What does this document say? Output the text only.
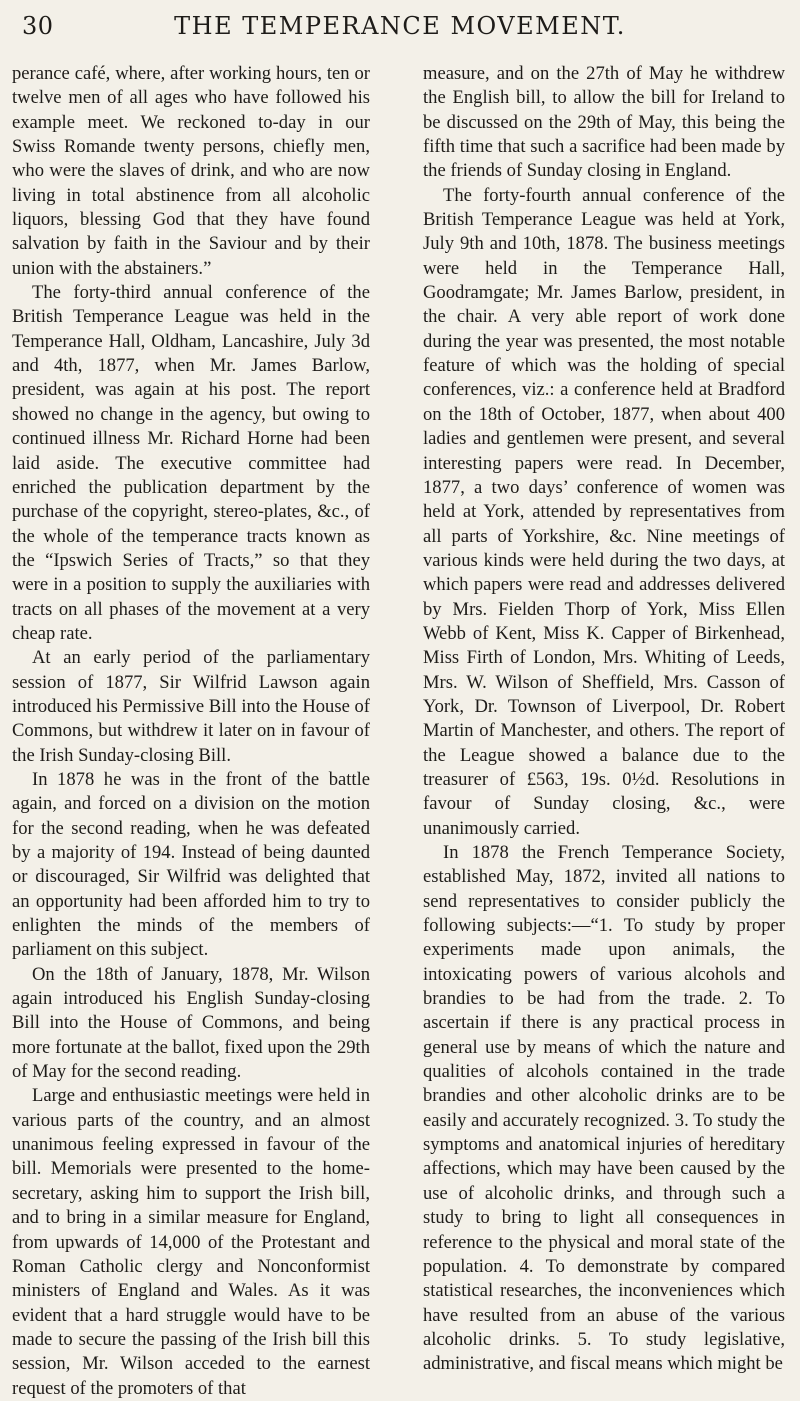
30	THE TEMPERANCE MOVEMENT.

perance café, where, after working hours, ten or twelve men of all ages who have followed his example meet. We reckoned to-day in our Swiss Romande twenty persons, chiefly men, who were the slaves of drink, and who are now living in total abstinence from all alcoholic liquors, blessing God that they have found salvation by faith in the Saviour and by their union with the abstainers.”

The forty-third annual conference of the British Temperance League was held in the Temperance Hall, Oldham, Lancashire, July 3d and 4th, 1877, when Mr. James Barlow, president, was again at his post. The report showed no change in the agency, but owing to continued illness Mr. Richard Horne had been laid aside. The executive committee had enriched the publication department by the purchase of the copyright, stereo-plates, &c., of the whole of the temperance tracts known as the “Ipswich Series of Tracts,” so that they were in a position to supply the auxiliaries with tracts on all phases of the movement at a very cheap rate.

At an early period of the parliamentary session of 1877, Sir Wilfrid Lawson again introduced his Permissive Bill into the House of Commons, but withdrew it later on in favour of the Irish Sunday-closing Bill.

In 1878 he was in the front of the battle again, and forced on a division on the motion for the second reading, when he was defeated by a majority of 194. Instead of being daunted or discouraged, Sir Wilfrid was delighted that an opportunity had been afforded him to try to enlighten the minds of the members of parliament on this subject.

On the 18th of January, 1878, Mr. Wilson again introduced his English Sunday-closing Bill into the House of Commons, and being more fortunate at the ballot, fixed upon the 29th of May for the second reading.

Large and enthusiastic meetings were held in various parts of the country, and an almost unanimous feeling expressed in favour of the bill. Memorials were presented to the home-secretary, asking him to support the Irish bill, and to bring in a similar measure for England, from upwards of 14,000 of the Protestant and Roman Catholic clergy and Nonconformist ministers of England and Wales. As it was evident that a hard struggle would have to be made to secure the passing of the Irish bill this session, Mr. Wilson acceded to the earnest request of the promoters of that

measure, and on the 27th of May he withdrew the English bill, to allow the bill for Ireland to be discussed on the 29th of May, this being the fifth time that such a sacrifice had been made by the friends of Sunday closing in England.

The forty-fourth annual conference of the British Temperance League was held at York, July 9th and 10th, 1878. The business meetings were held in the Temperance Hall, Goodramgate; Mr. James Barlow, president, in the chair. A very able report of work done during the year was presented, the most notable feature of which was the holding of special conferences, viz.: a conference held at Bradford on the 18th of October, 1877, when about 400 ladies and gentlemen were present, and several interesting papers were read. In December, 1877, a two days’ conference of women was held at York, attended by representatives from all parts of Yorkshire, &c. Nine meetings of various kinds were held during the two days, at which papers were read and addresses delivered by Mrs. Fielden Thorp of York, Miss Ellen Webb of Kent, Miss K. Capper of Birkenhead, Miss Firth of London, Mrs. Whiting of Leeds, Mrs. W. Wilson of Sheffield, Mrs. Casson of York, Dr. Townson of Liverpool, Dr. Robert Martin of Manchester, and others. The report of the League showed a balance due to the treasurer of £563, 19s. 0½d. Resolutions in favour of Sunday closing, &c., were unanimously carried.

In 1878 the French Temperance Society, established May, 1872, invited all nations to send representatives to consider publicly the following subjects:—“1. To study by proper experiments made upon animals, the intoxicating powers of various alcohols and brandies to be had from the trade. 2. To ascertain if there is any practical process in general use by means of which the nature and qualities of alcohols contained in the trade brandies and other alcoholic drinks are to be easily and accurately recognized. 3. To study the symptoms and anatomical injuries of hereditary affections, which may have been caused by the use of alcoholic drinks, and through such a study to bring to light all consequences in reference to the physical and moral state of the population. 4. To demonstrate by compared statistical researches, the inconveniences which have resulted from an abuse of the various alcoholic drinks. 5. To study legislative, administrative, and fiscal means which might be
